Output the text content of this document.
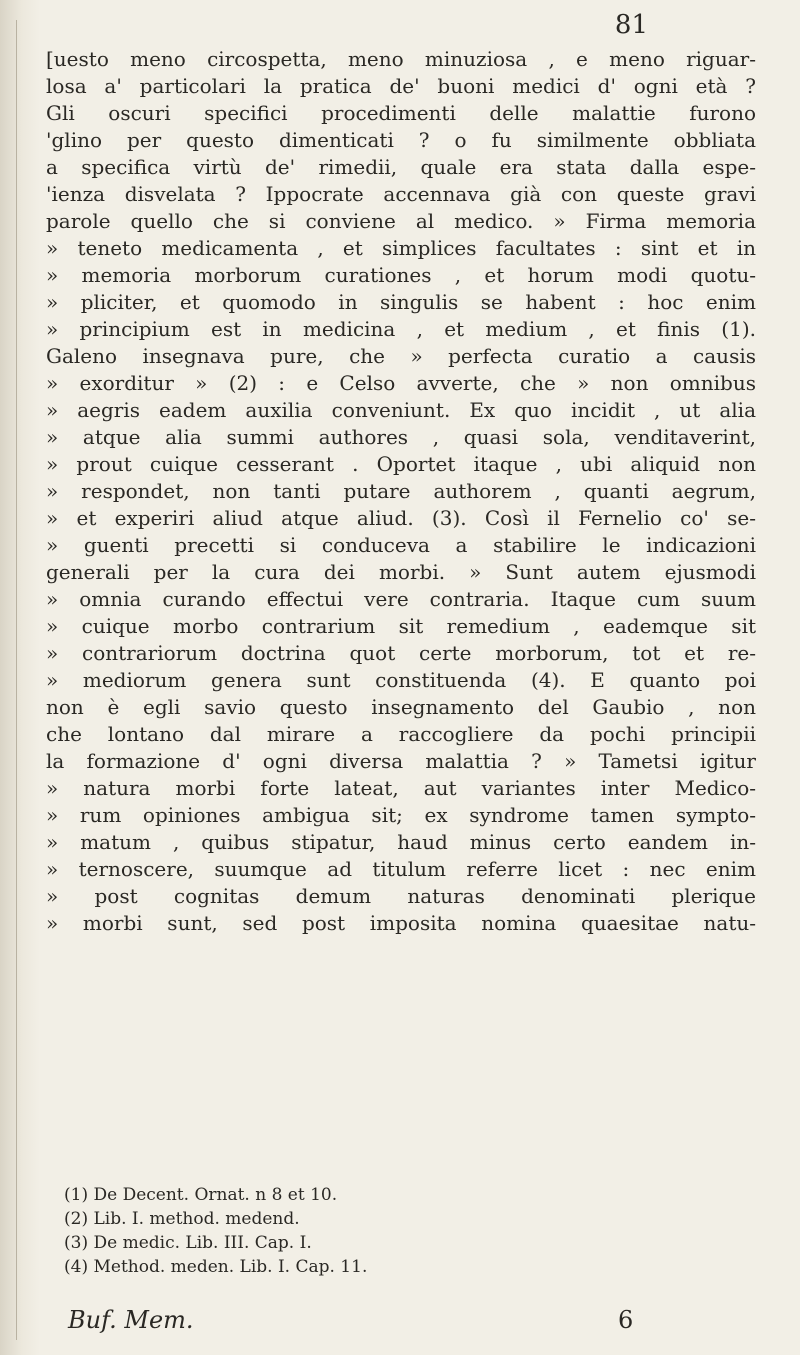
81
[uesto meno circospetta, meno minuziosa , e meno riguar-
losa a' particolari la pratica de' buoni medici d' ogni età ?
Gli oscuri specifici procedimenti delle malattie furono
'glino per questo dimenticati ? o fu similmente obbliata
a specifica virtù de' rimedii, quale era stata dalla espe-
'ienza disvelata ? Ippocrate accennava già con queste gravi
parole quello che si conviene al medico. » Firma memoria
» teneto medicamenta , et simplices facultates : sint et in
» memoria morborum curationes , et horum modi quotu-
» pliciter, et quomodo in singulis se habent : hoc enim
» principium est in medicina , et medium , et finis (1).
Galeno insegnava pure, che » perfecta curatio a causis
» exorditur » (2) : e Celso avverte, che » non omnibus
» aegris eadem auxilia conveniunt. Ex quo incidit , ut alia
» atque alia summi authores , quasi sola, venditaverint,
» prout cuique cesserant . Oportet itaque , ubi aliquid non
» respondet, non tanti putare authorem , quanti aegrum,
» et experiri aliud atque aliud. (3). Così il Fernelio co' se-
» guenti precetti si conduceva a stabilire le indicazioni
generali per la cura dei morbi. » Sunt autem ejusmodi
» omnia curando effectui vere contraria. Itaque cum suum
» cuique morbo contrarium sit remedium , eademque sit
» contrariorum doctrina quot certe morborum, tot et re-
» mediorum genera sunt constituenda (4). E quanto poi
non è egli savio questo insegnamento del Gaubio , non
che lontano dal mirare a raccogliere da pochi principii
la formazione d' ogni diversa malattia ? » Tametsi igitur
» natura morbi forte lateat, aut variantes inter Medico-
» rum opiniones ambigua sit; ex syndrome tamen sympto-
» matum , quibus stipatur, haud minus certo eandem in-
» ternoscere, suumque ad titulum referre licet : nec enim
» post cognitas demum naturas denominati plerique
» morbi sunt, sed post imposita nomina quaesitae natu-
(1) De Decent. Ornat. n 8 et 10.
(2) Lib. I. method. medend.
(3) De medic. Lib. III. Cap. I.
(4) Method. meden. Lib. I. Cap. 11.
Buf. Mem.	6
